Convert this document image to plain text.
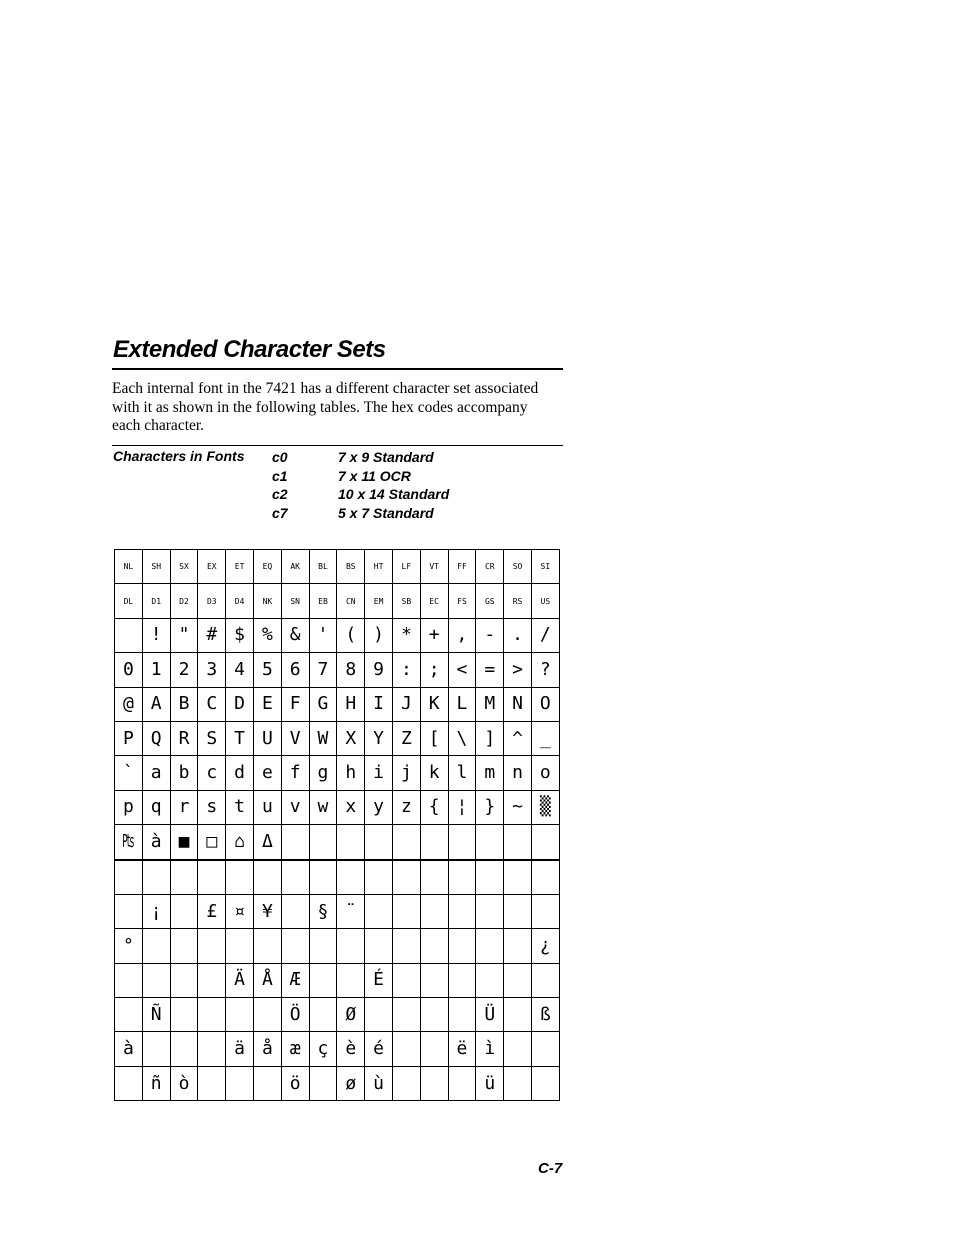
Extended Character Sets

Each internal font in the 7421 has a different character set associated with it as shown in the following tables. The hex codes accompany each character.

Characters in Fonts c0	7 x 9 Standard
c1	7 x 11 OCR
c2	10 x 14 Standard
c7	5 x 7 Standard
NL	SH	SX	EX	ET	EQ	AK	BL	BS	HT	LF	VT	FF	CR	SO	SI
DL	D1	D2	D3	D4	NK	SN	EB	CN	EM	SB	EC	FS	GS	RS	US
	!	"	#	$	%	&	'	(	)	*	+	,	-	.	/
0	1	2	3	4	5	6	7	8	9	:	;	<	=	>	?
@	A	B	C	D	E	F	G	H	I	J	K	L	M	N	O
P	Q	R	S	T	U	V	W	X	Y	Z	[	\	]	^	_
`	a	b	c	d	e	f	g	h	i	j	k	l	m	n	o
p	q	r	s	t	u	v	w	x	y	z	{	¦	}	~	▒
₧	à	■	□	⌂	Δ										

	¡		£	¤	¥		§	¨							
°															¿
				Ä	Å	Æ			É						
	Ñ					Ö		Ø					Ü		ß
à				ä	å	æ	ç	è	é			ë	ì		
	ñ	ò				ö		ø	ù				ü		
C-7
